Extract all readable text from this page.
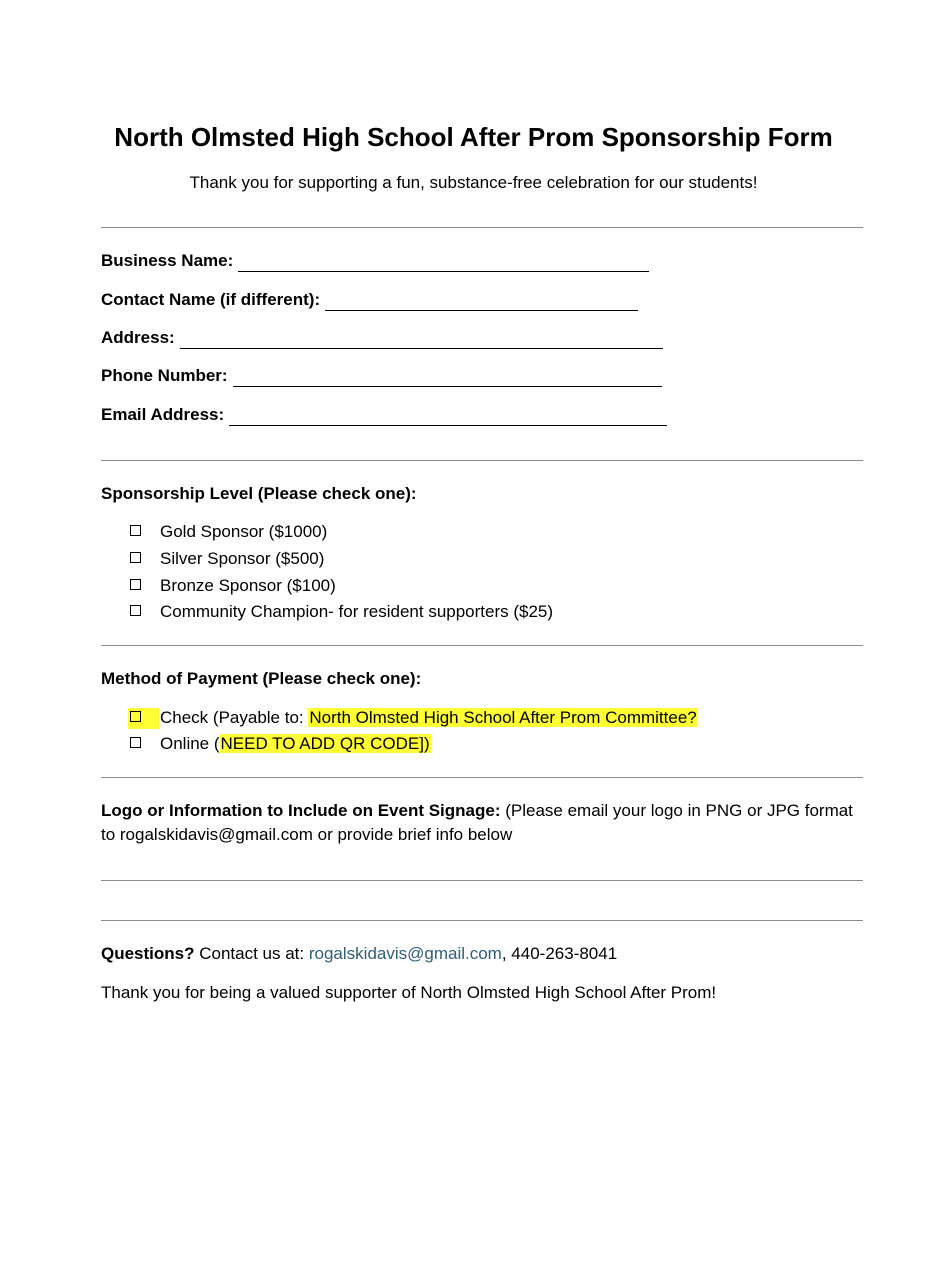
North Olmsted High School After Prom Sponsorship Form
Thank you for supporting a fun, substance-free celebration for our students!
Business Name:
Contact Name (if different):
Address:
Phone Number:
Email Address:
Sponsorship Level (Please check one):
Gold Sponsor ($1000)
Silver Sponsor ($500)
Bronze Sponsor ($100)
Community Champion- for resident supporters ($25)
Method of Payment (Please check one):
Check (Payable to: North Olmsted High School After Prom Committee?
Online (NEED TO ADD QR CODE])
Logo or Information to Include on Event Signage: (Please email your logo in PNG or JPG format to rogalskidavis@gmail.com or provide brief info below
Questions? Contact us at: rogalskidavis@gmail.com, 440-263-8041
Thank you for being a valued supporter of North Olmsted High School After Prom!
